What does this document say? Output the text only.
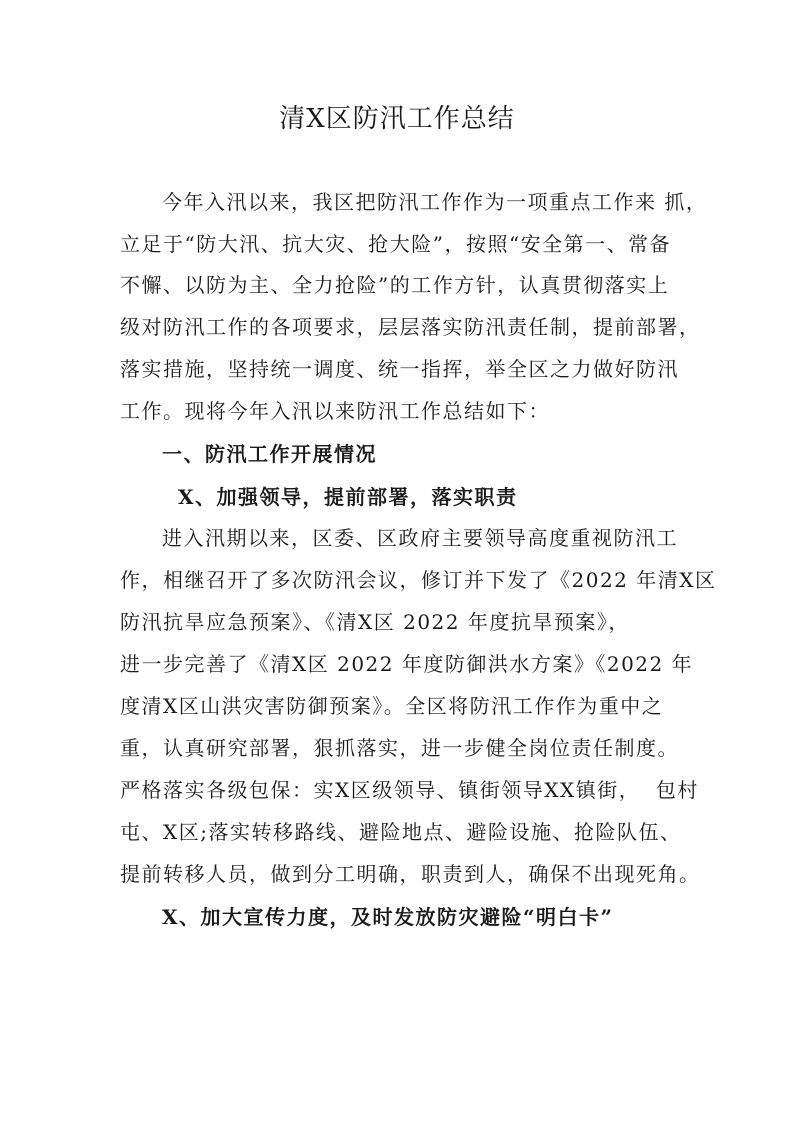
清X区防汛工作总结
今年入汛以来，我区把防汛工作作为一项重点工作来 抓，
立足于“防大汛、抗大灾、抢大险”，按照“安全第一、常备
不懈、以防为主、全力抢险”的工作方针，认真贯彻落实上
级对防汛工作的各项要求，层层落实防汛责任制，提前部署，
落实措施，坚持统一调度、统一指挥，举全区之力做好防汛
工作。现将今年入汛以来防汛工作总结如下：
一、防汛工作开展情况
X、加强领导，提前部署，落实职责
进入汛期以来，区委、区政府主要领导高度重视防汛工
作，相继召开了多次防汛会议，修订并下发了《2022 年清X区
防汛抗旱应急预案》、《清X区 2022 年度抗旱预案》，
进一步完善了《清X区 2022 年度防御洪水方案》《2022 年
度清X区山洪灾害防御预案》。全区将防汛工作作为重中之
重，认真研究部署，狠抓落实，进一步健全岗位责任制度。
严格落实各级包保：实X区级领导、镇街领导XX镇街，  包村
屯、X区;落实转移路线、避险地点、避险设施、抢险队伍、
提前转移人员，做到分工明确，职责到人，确保不出现死角。
X、加大宣传力度，及时发放防灾避险“明白卡”
